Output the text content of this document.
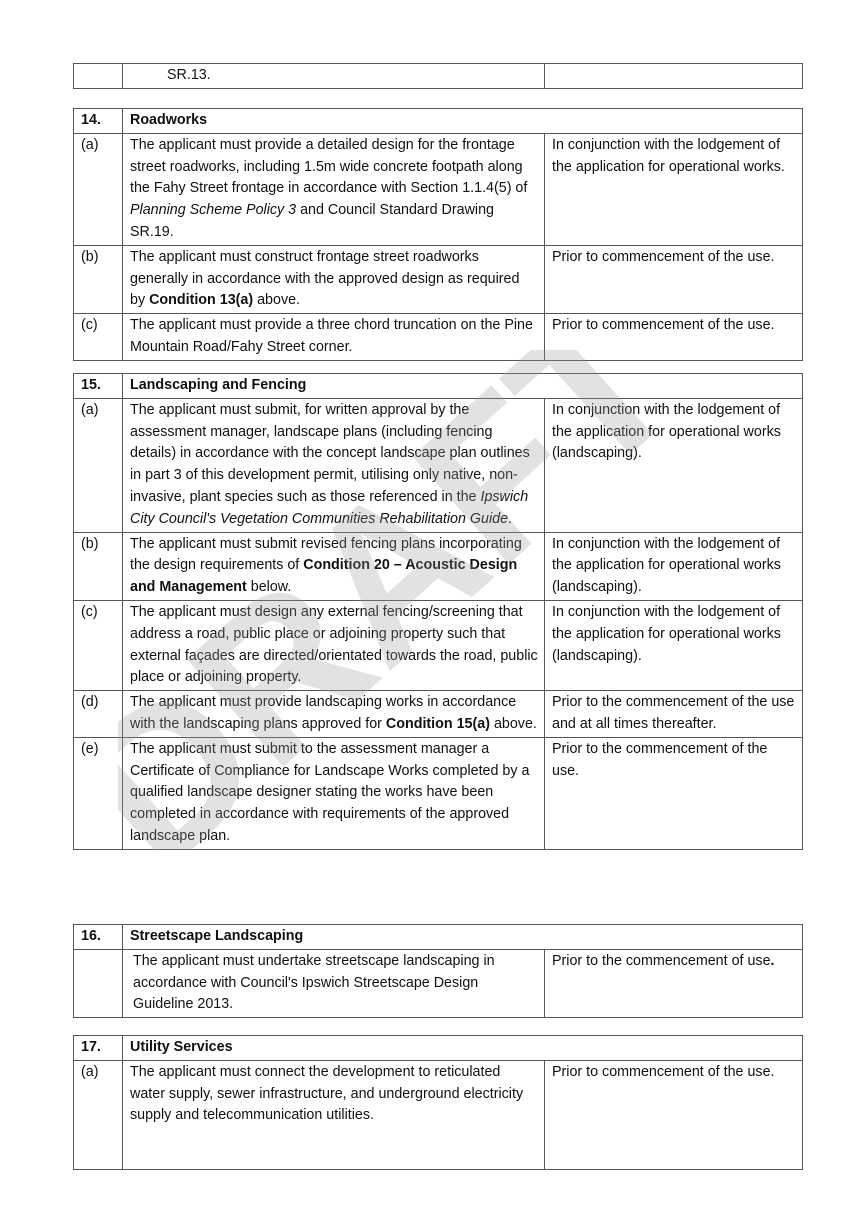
	SR.13.	
14.	Roadworks	
(a)	The applicant must provide a detailed design for the frontage street roadworks, including 1.5m wide concrete footpath along the Fahy Street frontage in accordance with Section 1.1.4(5) of Planning Scheme Policy 3 and Council Standard Drawing SR.19.	In conjunction with the lodgement of the application for operational works.
(b)	The applicant must construct frontage street roadworks generally in accordance with the approved design as required by Condition 13(a) above.	Prior to commencement of the use.
(c)	The applicant must provide a three chord truncation on the Pine Mountain Road/Fahy Street corner.	Prior to commencement of the use.
15.	Landscaping and Fencing	
(a)	The applicant must submit, for written approval by the assessment manager, landscape plans (including fencing details) in accordance with the concept landscape plan outlines in part 3 of this development permit, utilising only native, non-invasive, plant species such as those referenced in the Ipswich City Council's Vegetation Communities Rehabilitation Guide.	In conjunction with the lodgement of the application for operational works (landscaping).
(b)	The applicant must submit revised fencing plans incorporating the design requirements of Condition 20 – Acoustic Design and Management below.	In conjunction with the lodgement of the application for operational works (landscaping).
(c)	The applicant must design any external fencing/screening that address a road, public place or adjoining property such that external façades are directed/orientated towards the road, public place or adjoining property.	In conjunction with the lodgement of the application for operational works (landscaping).
(d)	The applicant must provide landscaping works in accordance with the landscaping plans approved for Condition 15(a) above.	Prior to the commencement of the use and at all times thereafter.
(e)	The applicant must submit to the assessment manager a Certificate of Compliance for Landscape Works completed by a qualified landscape designer stating the works have been completed in accordance with requirements of the approved landscape plan.	Prior to the commencement of the use.
16.	Streetscape Landscaping	
	The applicant must undertake streetscape landscaping in accordance with Council's Ipswich Streetscape Design Guideline 2013.	Prior to the commencement of use.
17.	Utility Services	
(a)	The applicant must connect the development to reticulated water supply, sewer infrastructure, and underground electricity supply and telecommunication utilities.	Prior to commencement of the use.
DRAFT
